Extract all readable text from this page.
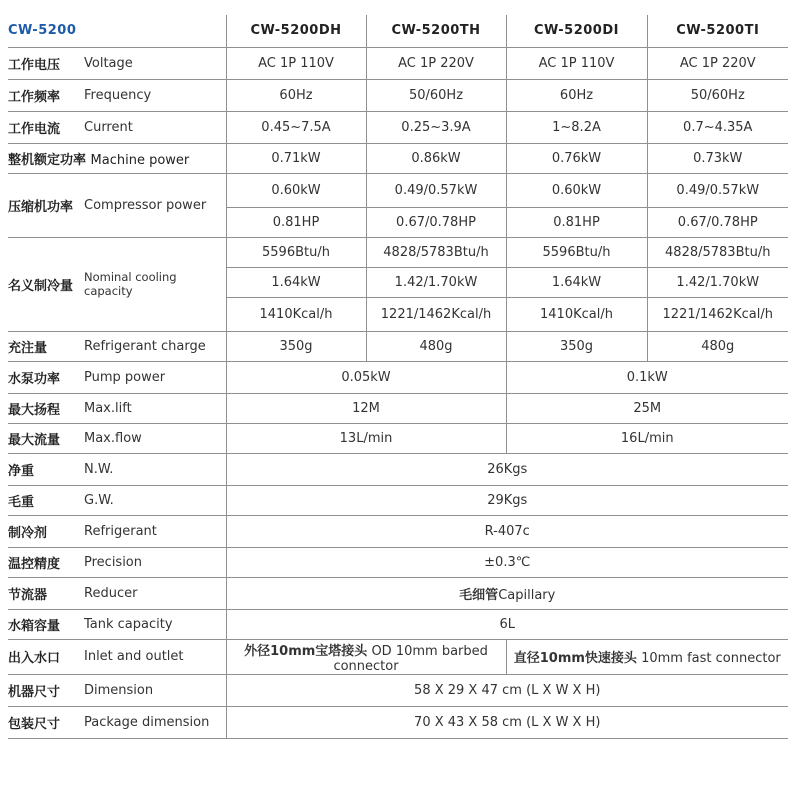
CW-5200		CW-5200DH	CW-5200TH	CW-5200DI	CW-5200TI
工作电压	Voltage	AC 1P 110V	AC 1P 220V	AC 1P 110V	AC 1P 220V
工作频率	Frequency	60Hz	50/60Hz	60Hz	50/60Hz
工作电流	Current	0.45~7.5A	0.25~3.9A	1~8.2A	0.7~4.35A
整机额定功率 Machine power		0.71kW	0.86kW	0.76kW	0.73kW
压缩机功率	Compressor power	0.60kW	0.49/0.57kW	0.60kW	0.49/0.57kW
		0.81HP	0.67/0.78HP	0.81HP	0.67/0.78HP
名义制冷量	Nominal cooling capacity	5596Btu/h	4828/5783Btu/h	5596Btu/h	4828/5783Btu/h
		1.64kW	1.42/1.70kW	1.64kW	1.42/1.70kW
		1410Kcal/h	1221/1462Kcal/h	1410Kcal/h	1221/1462Kcal/h
充注量	Refrigerant charge	350g	480g	350g	480g
水泵功率	Pump power	0.05kW		0.1kW	
最大扬程	Max.lift	12M		25M	
最大流量	Max.flow	13L/min		16L/min	
净重	N.W.	26Kgs			
毛重	G.W.	29Kgs			
制冷剂	Refrigerant	R-407c			
温控精度	Precision	±0.3℃			
节流器	Reducer	毛细管Capillary			
水箱容量	Tank capacity	6L			
出入水口	Inlet and outlet	外径10mm宝塔接头 OD 10mm barbed connector		直径10mm快速接头 10mm fast connector	
机器尺寸	Dimension	58 X 29 X 47 cm (L X W X H)			
包装尺寸	Package dimension	70 X 43 X 58 cm (L X W X H)			
